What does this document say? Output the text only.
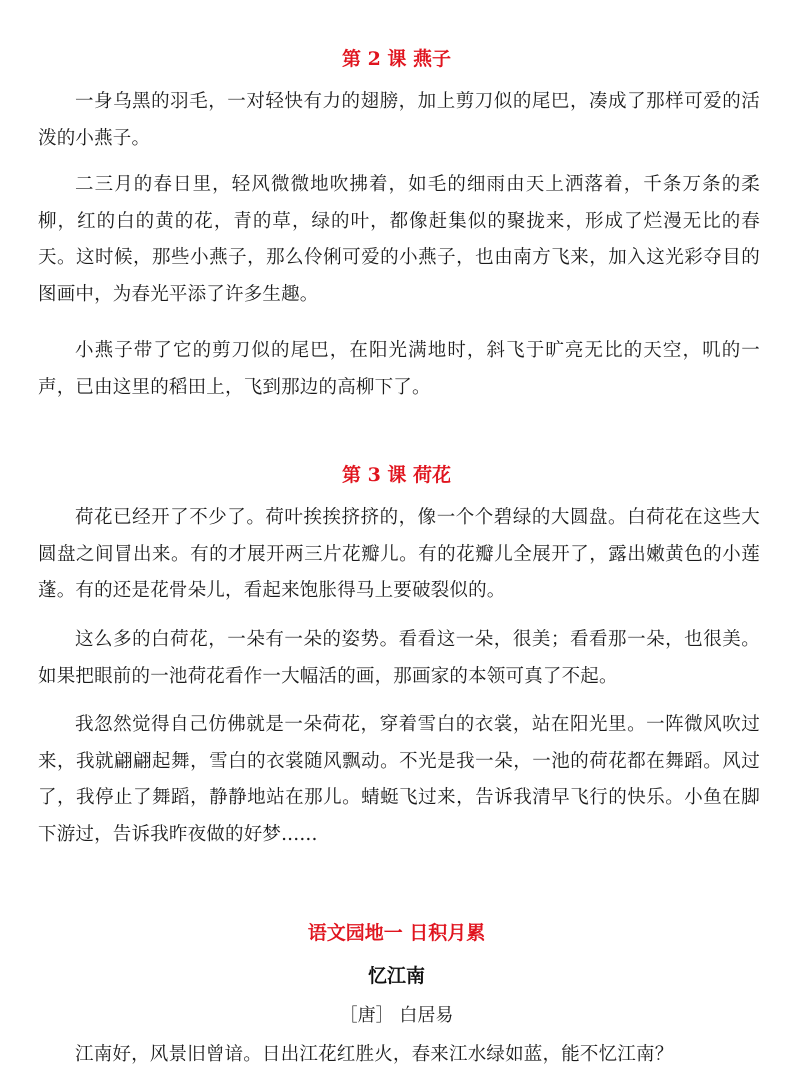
第 2 课 燕子

一身乌黑的羽毛，一对轻快有力的翅膀，加上剪刀似的尾巴，凑成了那样可爱的活泼的小燕子。

二三月的春日里，轻风微微地吹拂着，如毛的细雨由天上洒落着，千条万条的柔柳，红的白的黄的花，青的草，绿的叶，都像赶集似的聚拢来，形成了烂漫无比的春天。这时候，那些小燕子，那么伶俐可爱的小燕子，也由南方飞来，加入这光彩夺目的图画中，为春光平添了许多生趣。

小燕子带了它的剪刀似的尾巴，在阳光满地时，斜飞于旷亮无比的天空，叽的一声，已由这里的稻田上，飞到那边的高柳下了。

第 3 课 荷花

荷花已经开了不少了。荷叶挨挨挤挤的，像一个个碧绿的大圆盘。白荷花在这些大圆盘之间冒出来。有的才展开两三片花瓣儿。有的花瓣儿全展开了，露出嫩黄色的小莲蓬。有的还是花骨朵儿，看起来饱胀得马上要破裂似的。

这么多的白荷花，一朵有一朵的姿势。看看这一朵，很美；看看那一朵，也很美。如果把眼前的一池荷花看作一大幅活的画，那画家的本领可真了不起。

我忽然觉得自己仿佛就是一朵荷花，穿着雪白的衣裳，站在阳光里。一阵微风吹过来，我就翩翩起舞，雪白的衣裳随风飘动。不光是我一朵，一池的荷花都在舞蹈。风过了，我停止了舞蹈，静静地站在那儿。蜻蜓飞过来，告诉我清早飞行的快乐。小鱼在脚下游过，告诉我昨夜做的好梦......

语文园地一 日积月累
忆江南

［唐］ 白居易

江南好，风景旧曾谙。日出江花红胜火，春来江水绿如蓝，能不忆江南？
